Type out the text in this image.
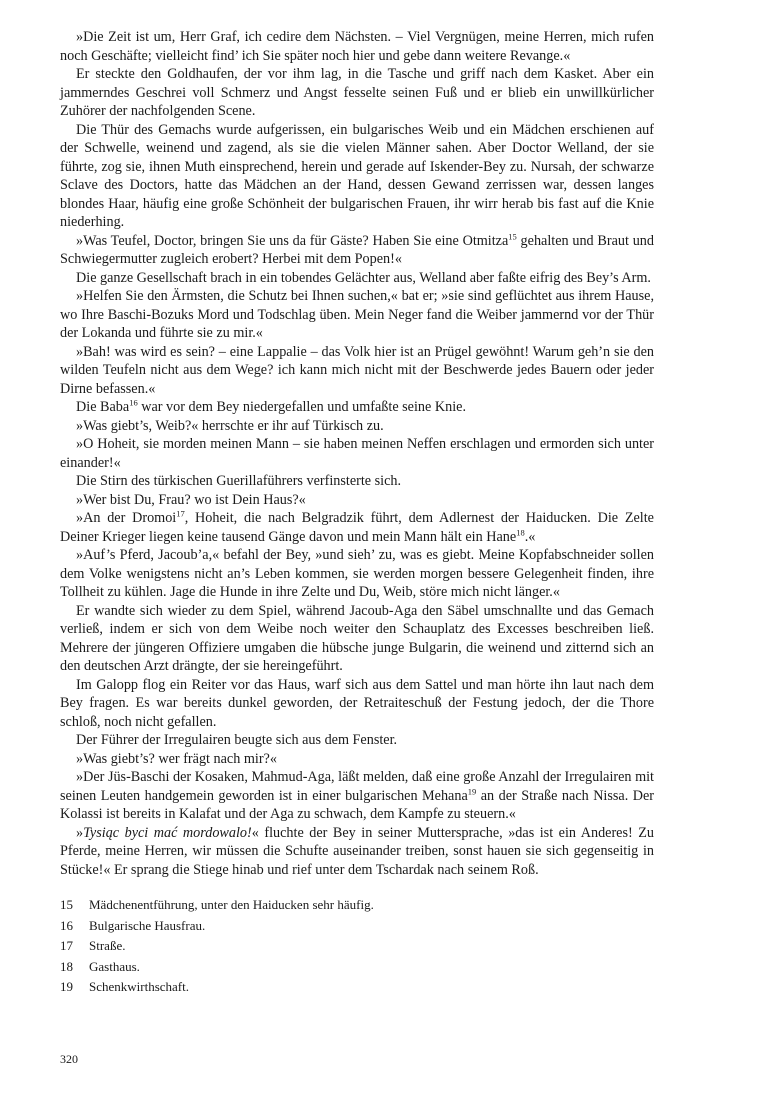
»Die Zeit ist um, Herr Graf, ich cedire dem Nächsten. – Viel Vergnügen, meine Herren, mich rufen noch Geschäfte; vielleicht find’ ich Sie später noch hier und gebe dann weitere Revange.«

Er steckte den Goldhaufen, der vor ihm lag, in die Tasche und griff nach dem Kasket. Aber ein jammerndes Geschrei voll Schmerz und Angst fesselte seinen Fuß und er blieb ein unwillkürlicher Zuhörer der nachfolgenden Scene.

Die Thür des Gemachs wurde aufgerissen, ein bulgarisches Weib und ein Mädchen erschienen auf der Schwelle, weinend und zagend, als sie die vielen Männer sahen. Aber Doctor Welland, der sie führte, zog sie, ihnen Muth einsprechend, herein und gerade auf Iskender-Bey zu. Nursah, der schwarze Sclave des Doctors, hatte das Mädchen an der Hand, dessen Gewand zerrissen war, dessen langes blondes Haar, häufig eine große Schönheit der bulgarischen Frauen, ihr wirr herab bis fast auf die Knie niederhing.

»Was Teufel, Doctor, bringen Sie uns da für Gäste? Haben Sie eine Otmitza$^{15}$ gehalten und Braut und Schwiegermutter zugleich erobert? Herbei mit dem Popen!«

Die ganze Gesellschaft brach in ein tobendes Gelächter aus, Welland aber faßte eifrig des Bey’s Arm.

»Helfen Sie den Ärmsten, die Schutz bei Ihnen suchen,« bat er; »sie sind geflüchtet aus ihrem Hause, wo Ihre Baschi-Bozuks Mord und Todschlag üben. Mein Neger fand die Weiber jammernd vor der Thür der Lokanda und führte sie zu mir.«

»Bah! was wird es sein? – eine Lappalie – das Volk hier ist an Prügel gewöhnt! Warum geh’n sie den wilden Teufeln nicht aus dem Wege? ich kann mich nicht mit der Beschwerde jedes Bauern oder jeder Dirne befassen.«

Die Baba$^{16}$ war vor dem Bey niedergefallen und umfaßte seine Knie.

»Was giebt’s, Weib?« herrschte er ihr auf Türkisch zu.

»O Hoheit, sie morden meinen Mann – sie haben meinen Neffen erschlagen und ermorden sich unter einander!«

Die Stirn des türkischen Guerillaführers verfinsterte sich.

»Wer bist Du, Frau? wo ist Dein Haus?«

»An der Dromoi$^{17}$, Hoheit, die nach Belgradzik führt, dem Adlernest der Haiducken. Die Zelte Deiner Krieger liegen keine tausend Gänge davon und mein Mann hält ein Hane$^{18}$.«

»Auf’s Pferd, Jacoub’a,« befahl der Bey, »und sieh’ zu, was es giebt. Meine Kopfabschneider sollen dem Volke wenigstens nicht an’s Leben kommen, sie werden morgen bessere Gelegenheit finden, ihre Tollheit zu kühlen. Jage die Hunde in ihre Zelte und Du, Weib, störe mich nicht länger.«

Er wandte sich wieder zu dem Spiel, während Jacoub-Aga den Säbel umschnallte und das Gemach verließ, indem er sich von dem Weibe noch weiter den Schauplatz des Excesses beschreiben ließ. Mehrere der jüngeren Offiziere umgaben die hübsche junge Bulgarin, die weinend und zitternd sich an den deutschen Arzt drängte, der sie hereingeführt.

Im Galopp flog ein Reiter vor das Haus, warf sich aus dem Sattel und man hörte ihn laut nach dem Bey fragen. Es war bereits dunkel geworden, der Retraiteschuß der Festung jedoch, der die Thore schloß, noch nicht gefallen.

Der Führer der Irregulairen beugte sich aus dem Fenster.

»Was giebt’s? wer frägt nach mir?«

»Der Jüs-Baschi der Kosaken, Mahmud-Aga, läßt melden, daß eine große Anzahl der Irregulairen mit seinen Leuten handgemein geworden ist in einer bulgarischen Mehana$^{19}$ an der Straße nach Nissa. Der Kolassi ist bereits in Kalafat und der Aga zu schwach, dem Kampfe zu steuern.«

»Tysiąc byci mać mordowalo!« fluchte der Bey in seiner Muttersprache, »das ist ein Anderes! Zu Pferde, meine Herren, wir müssen die Schufte auseinander treiben, sonst hauen sie sich gegenseitig in Stücke!« Er sprang die Stiege hinab und rief unter dem Tschardak nach seinem Roß.

15	Mädchenentführung, unter den Haiducken sehr häufig.
16	Bulgarische Hausfrau.
17	Straße.
18	Gasthaus.
19	Schenkwirthschaft.
320
